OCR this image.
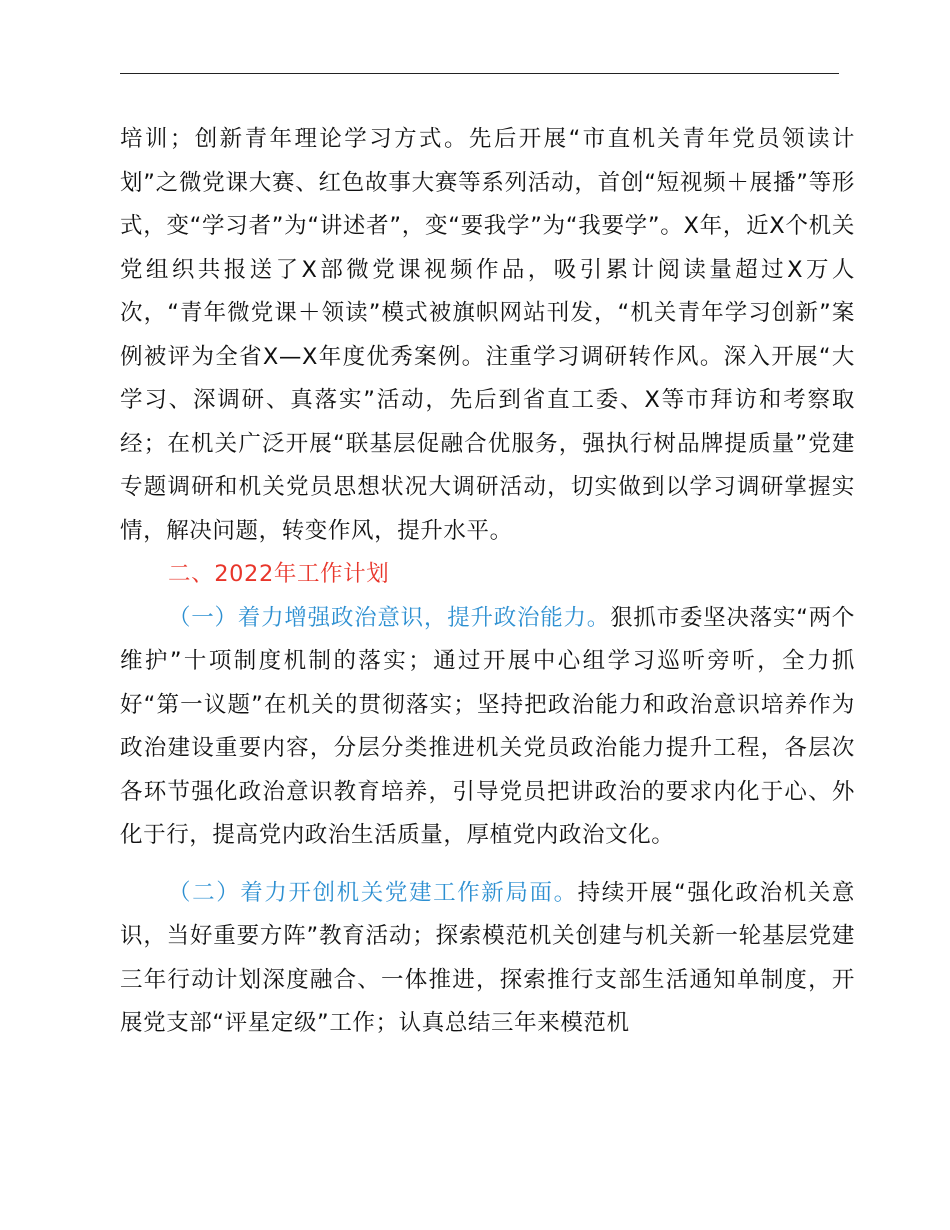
培训；创新青年理论学习方式。先后开展“市直机关青年党员领读计划”之微党课大赛、红色故事大赛等系列活动，首创“短视频＋展播”等形式，变“学习者”为“讲述者”，变“要我学”为“我要学”。X年，近X个机关党组织共报送了X部微党课视频作品，吸引累计阅读量超过X万人次，“青年微党课＋领读”模式被旗帜网站刊发，“机关青年学习创新”案例被评为全省X—X年度优秀案例。注重学习调研转作风。深入开展“大学习、深调研、真落实”活动，先后到省直工委、X等市拜访和考察取经；在机关广泛开展“联基层促融合优服务，强执行树品牌提质量”党建专题调研和机关党员思想状况大调研活动，切实做到以学习调研掌握实情，解决问题，转变作风，提升水平。

二、2022年工作计划

（一）着力增强政治意识，提升政治能力。狠抓市委坚决落实“两个维护”十项制度机制的落实；通过开展中心组学习巡听旁听，全力抓好“第一议题”在机关的贯彻落实；坚持把政治能力和政治意识培养作为政治建设重要内容，分层分类推进机关党员政治能力提升工程，各层次各环节强化政治意识教育培养，引导党员把讲政治的要求内化于心、外化于行，提高党内政治生活质量，厚植党内政治文化。

（二）着力开创机关党建工作新局面。持续开展“强化政治机关意识，当好重要方阵”教育活动；探索模范机关创建与机关新一轮基层党建三年行动计划深度融合、一体推进，探索推行支部生活通知单制度，开展党支部“评星定级”工作；认真总结三年来模范机
